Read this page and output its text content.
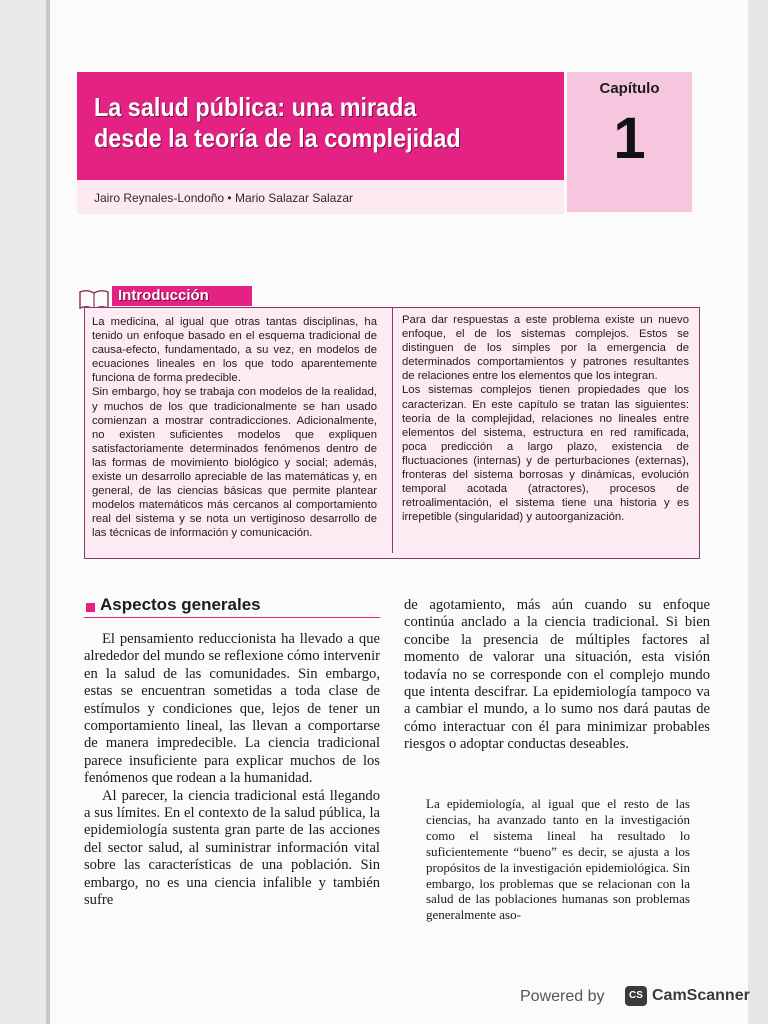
La salud pública: una mirada
desde la teoría de la complejidad
Jairo Reynales-Londoño • Mario Salazar Salazar
Capítulo
1
Introducción

La medicina, al igual que otras tantas disciplinas, ha tenido un enfoque basado en el esquema tradicional de causa-efecto, fundamentado, a su vez, en modelos de ecuaciones lineales en los que todo aparentemente funciona de forma predecible.

Sin embargo, hoy se trabaja con modelos de la realidad, y muchos de los que tradicionalmente se han usado comienzan a mostrar contradicciones. Adicionalmente, no existen suficientes modelos que expliquen satisfactoriamente determinados fenómenos dentro de las formas de movimiento biológico y social; además, existe un desarrollo apreciable de las matemáticas y, en general, de las ciencias básicas que permite plantear modelos matemáticos más cercanos al comportamiento real del sistema y se nota un vertiginoso desarrollo de las técnicas de información y comunicación.

Para dar respuestas a este problema existe un nuevo enfoque, el de los sistemas complejos. Estos se distinguen de los simples por la emergencia de determinados comportamientos y patrones resultantes de relaciones entre los elementos que los integran.

Los sistemas complejos tienen propiedades que los caracterizan. En este capítulo se tratan las siguientes: teoría de la complejidad, relaciones no lineales entre elementos del sistema, estructura en red ramificada, poca predicción a largo plazo, existencia de fluctuaciones (internas) y de perturbaciones (externas), fronteras del sistema borrosas y dinámicas, evolución temporal acotada (atractores), procesos de retroalimentación, el sistema tiene una historia y es irrepetible (singularidad) y autoorganización.

Aspectos generales

El pensamiento reduccionista ha llevado a que alrededor del mundo se reflexione cómo intervenir en la salud de las comunidades. Sin embargo, estas se encuentran sometidas a toda clase de estímulos y condiciones que, lejos de tener un comportamiento lineal, las llevan a comportarse de manera impredecible. La ciencia tradicional parece insuficiente para explicar muchos de los fenómenos que rodean a la humanidad.

Al parecer, la ciencia tradicional está llegando a sus límites. En el contexto de la salud pública, la epidemiología sustenta gran parte de las acciones del sector salud, al suministrar información vital sobre las características de una población. Sin embargo, no es una ciencia infalible y también sufre

de agotamiento, más aún cuando su enfoque continúa anclado a la ciencia tradicional. Si bien concibe la presencia de múltiples factores al momento de valorar una situación, esta visión todavía no se corresponde con el complejo mundo que intenta descifrar. La epidemiología tampoco va a cambiar el mundo, a lo sumo nos dará pautas de cómo interactuar con él para minimizar probables riesgos o adoptar conductas deseables.

La epidemiología, al igual que el resto de las ciencias, ha avanzado tanto en la investigación como el sistema lineal ha resultado lo suficientemente “bueno” es decir, se ajusta a los propósitos de la investigación epidemiológica. Sin embargo, los problemas que se relacionan con la salud de las poblaciones humanas son problemas generalmente aso-
Powered by	CS CamScanner
